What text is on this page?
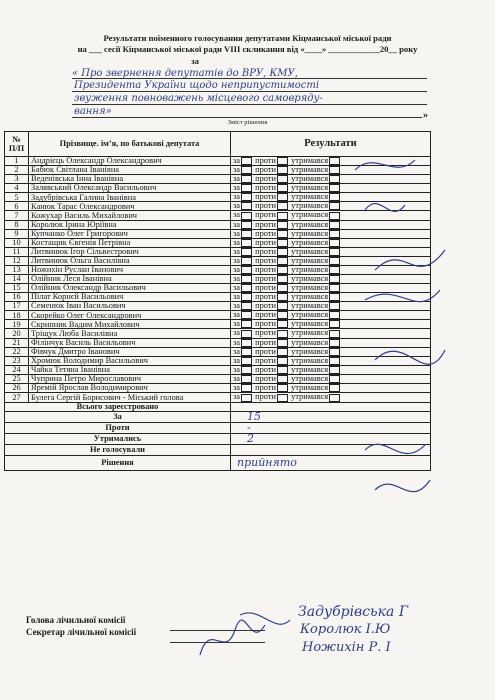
Результати поіменного голосування депутатами Кіцманської міської ради
на ___ сесії Кіцманської міської ради VIII скликання від «____» ____________20__ року
за
« Про звернення депутатів до ВРУ, КМУ,
Президента України щодо неприпустимості
звуження повноважень місцевого самовряду-
вання»	»
Зміст рішення
№
П/П	Прізвище. імʼя, по батькові депутата	Результати
1	Андрієць Олександр Олександрович	за проти утримався
2	Бабюк Світлана Іванівна	за проти утримався
3	Веденівська Інна Іванівна	за проти утримався
4	Залявський Олександр Васильович	за проти утримався
5	Задубрівська Галина Іванівна	за проти утримався
6	Канюк Тарас Олександрович	за проти утримався
7	Кожухар Василь Михайлович	за проти утримався
8	Королюк Ірина Юріївна	за проти утримався
9	Купчанко Олег Григорович	за проти утримався
10	Костащик Євгенія Петрівна	за проти утримався
11	Литвинюк Ігор Сільвестрович	за проти утримався
12	Литвинюк Ольга Василівна	за проти утримався
13	Ножихін Руслан Іванович	за проти утримався
14	Олійник Леся Іванівна	за проти утримався
15	Олійник Олександр Васильович	за проти утримався
16	Пілат Корнєй Васильович	за проти утримався
17	Семенюк Іван Васильович	за проти утримався
18	Скорейко Олег Олександрович	за проти утримався
19	Скрипник Вадим Михайлович	за проти утримався
20	Тріщук Люба Василівна	за проти утримався
21	Філінчук Василь Васильович	за проти утримався
22	Фівчук Дмитро Іванович	за проти утримався
23	Хромюк Володимир Васильович	за проти утримався
24	Чайка Тетяна Іванівна	за проти утримався
25	Чуприна Петро Мирославович	за проти утримався
26	Яремій Ярослав Володимирович	за проти утримався
27	Булега Сергій Борисович - Міський голова	за проти утримався
Всього зареєстровано		
За		15
Проти		-
Утримались		2
Не голосували		
Рішення		прийнято
Голова лічильної комісії
Секретар лічильної комісії
Задубрівська Г
Королюк І.Ю
Ножихін Р. І
